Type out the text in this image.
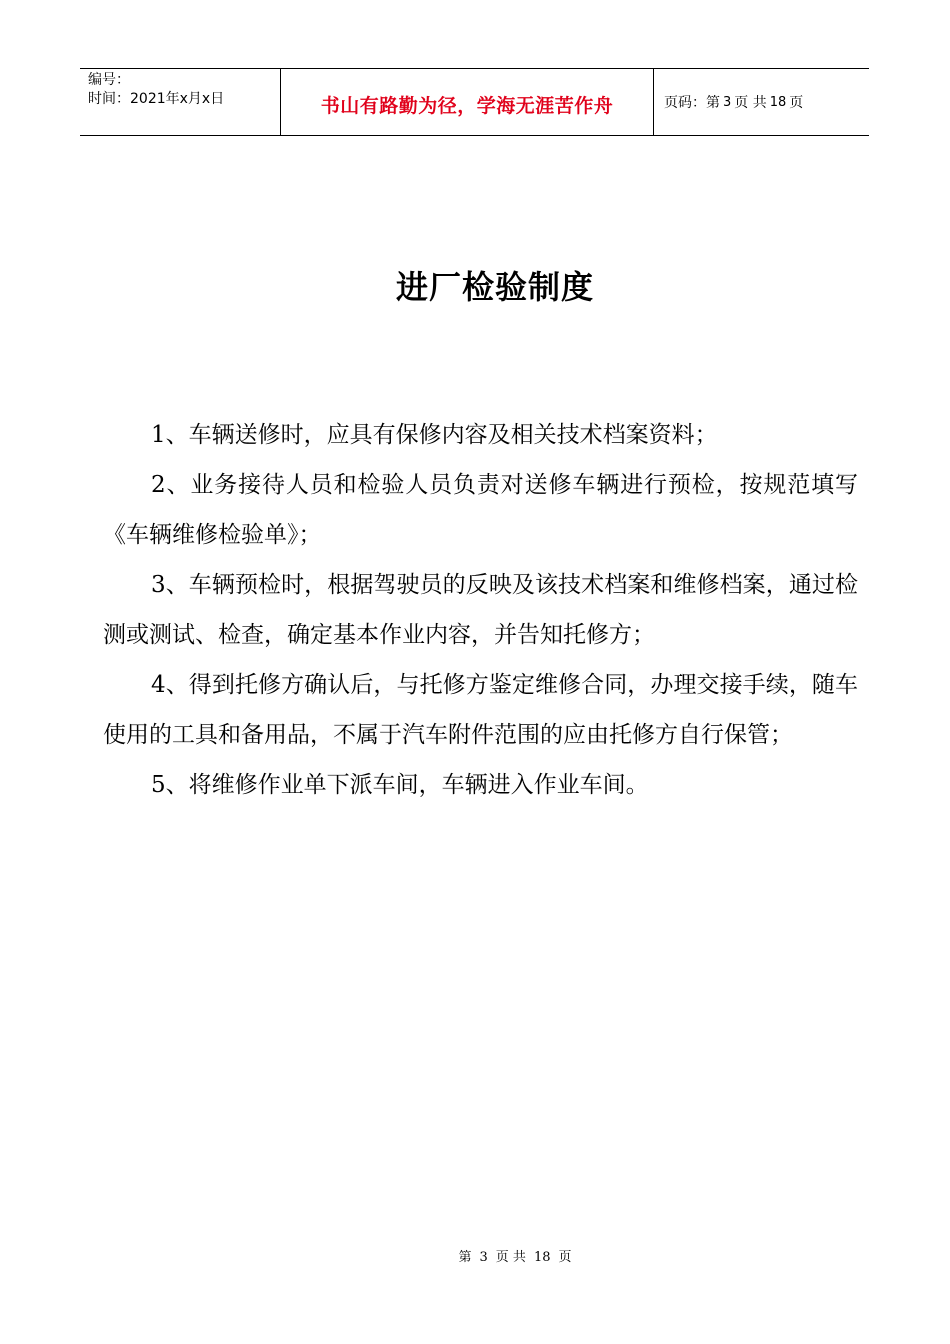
编号：
时间：2021年x月x日	书山有路勤为径，学海无涯苦作舟	页码：第 3 页 共 18 页
进厂检验制度

1、车辆送修时，应具有保修内容及相关技术档案资料；

2、业务接待人员和检验人员负责对送修车辆进行预检，按规范填写《车辆维修检验单》；

3、车辆预检时，根据驾驶员的反映及该技术档案和维修档案，通过检测或测试、检查，确定基本作业内容，并告知托修方；

4、得到托修方确认后，与托修方鉴定维修合同，办理交接手续，随车使用的工具和备用品，不属于汽车附件范围的应由托修方自行保管；

5、将维修作业单下派车间，车辆进入作业车间。

第 3 页 共 18 页
